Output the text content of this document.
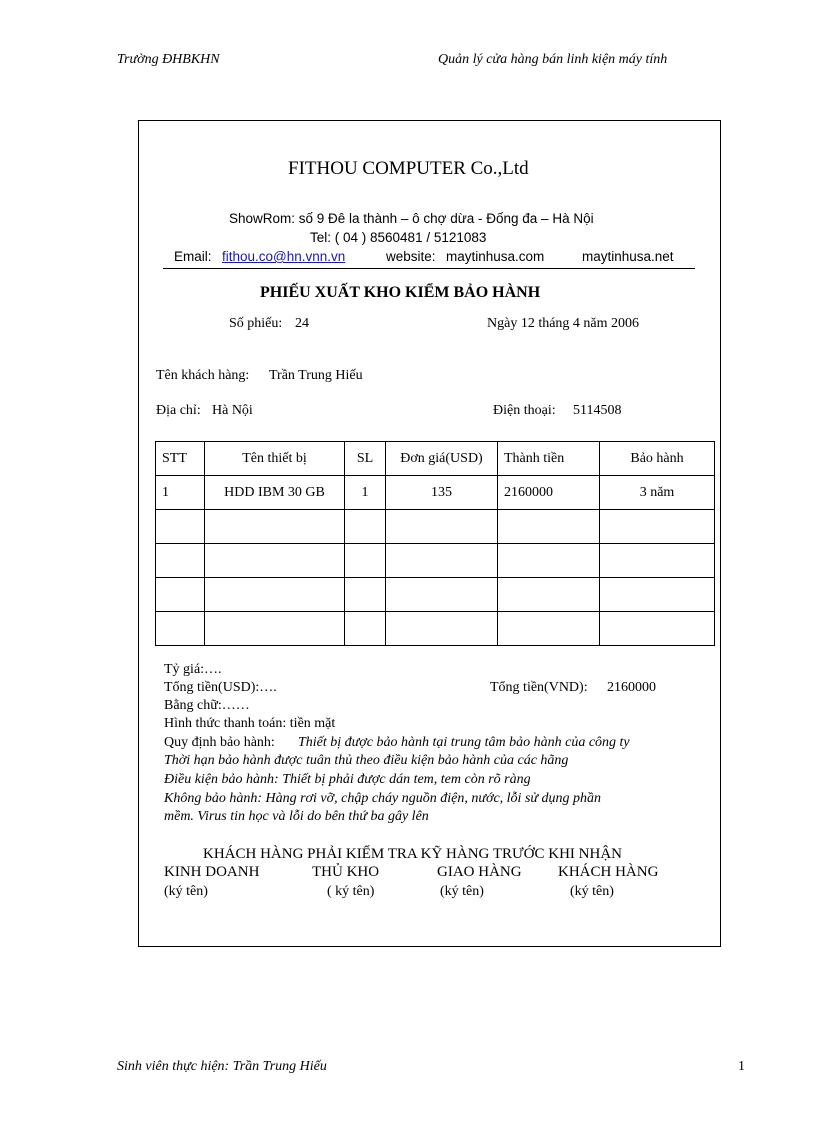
Trường ĐHBKHN	Quản lý cửa hàng bán linh kiện máy tính
FITHOU COMPUTER Co.,Ltd
ShowRom: số 9 Đê la thành – ô chợ dừa - Đống đa – Hà Nội
Tel: ( 04 ) 8560481 / 5121083
Email: fithou.co@hn.vnn.vn	website: maytinhusa.com	maytinhusa.net
PHIẾU XUẤT KHO KIỂM BẢO HÀNH
Số phiếu: 24	Ngày 12 tháng 4 năm 2006
Tên khách hàng: Trần Trung Hiếu
Địa chỉ: Hà Nội	Điện thoại: 5114508
STT	Tên thiết bị	SL	Đơn giá(USD)	Thành tiền	Bảo hành
1	HDD IBM 30 GB	1	135	2160000	3 năm

Tỷ giá:….
Tổng tiền(USD):….	Tổng tiền(VND): 2160000
Bằng chữ:……
Hình thức thanh toán: tiền mặt
Quy định bảo hành: Thiết bị được bảo hành tại trung tâm bảo hành của công ty
Thời hạn bảo hành được tuân thủ theo điều kiện bảo hành của các hãng
Điều kiện bảo hành: Thiết bị phải được dán tem, tem còn rõ ràng
Không bảo hành: Hàng rơi vỡ, chập cháy nguồn điện, nước, lỗi sử dụng phần
mềm. Virus tin học và lỗi do bên thứ ba gây lên
KHÁCH HÀNG PHẢI KIỂM TRA KỸ HÀNG TRƯỚC KHI NHẬN
KINH DOANH	THỦ KHO	GIAO HÀNG KHÁCH HÀNG
(ký tên)	( ký tên)	(ký tên)	(ký tên)
Sinh viên thực hiện: Trần Trung Hiếu	1
